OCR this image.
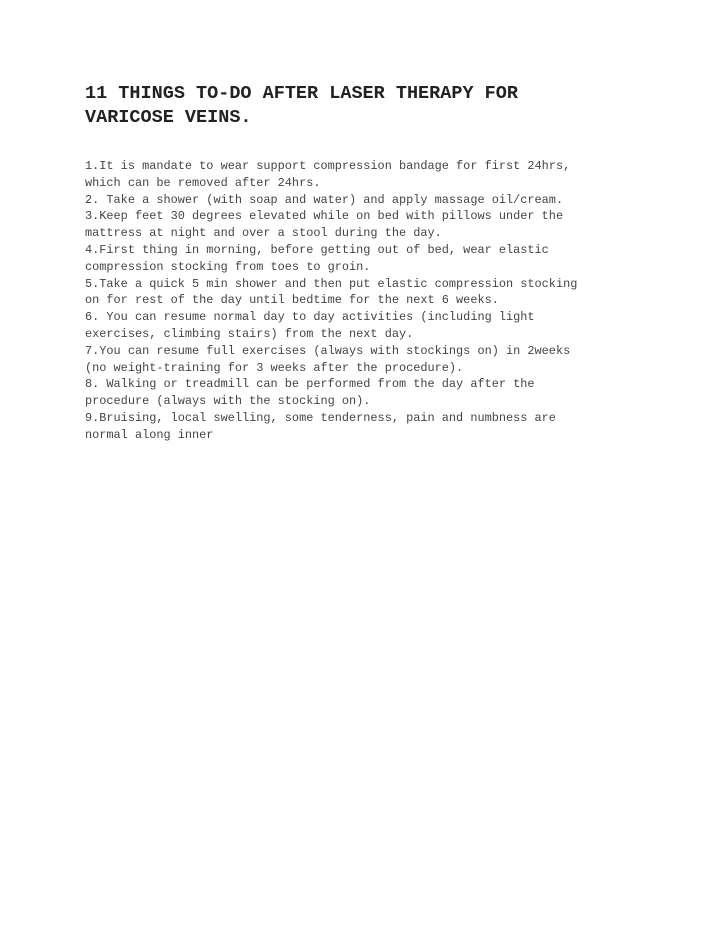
11 THINGS TO-DO AFTER LASER THERAPY FOR
VARICOSE VEINS.
1.It is mandate to wear support compression bandage for first 24hrs,
which can be removed after 24hrs.
2. Take a shower (with soap and water) and apply massage oil/cream.
3.Keep feet 30 degrees elevated while on bed with pillows under the
mattress at night and over a stool during the day.
4.First thing in morning, before getting out of bed, wear elastic
compression stocking from toes to groin.
5.Take a quick 5 min shower and then put elastic compression stocking
on for rest of the day until bedtime for the next 6 weeks.
6. You can resume normal day to day activities (including light
exercises, climbing stairs) from the next day.
7.You can resume full exercises (always with stockings on) in 2weeks
(no weight-training for 3 weeks after the procedure).
8. Walking or treadmill can be performed from the day after the
procedure (always with the stocking on).
9.Bruising, local swelling, some tenderness, pain and numbness are
normal along inner
